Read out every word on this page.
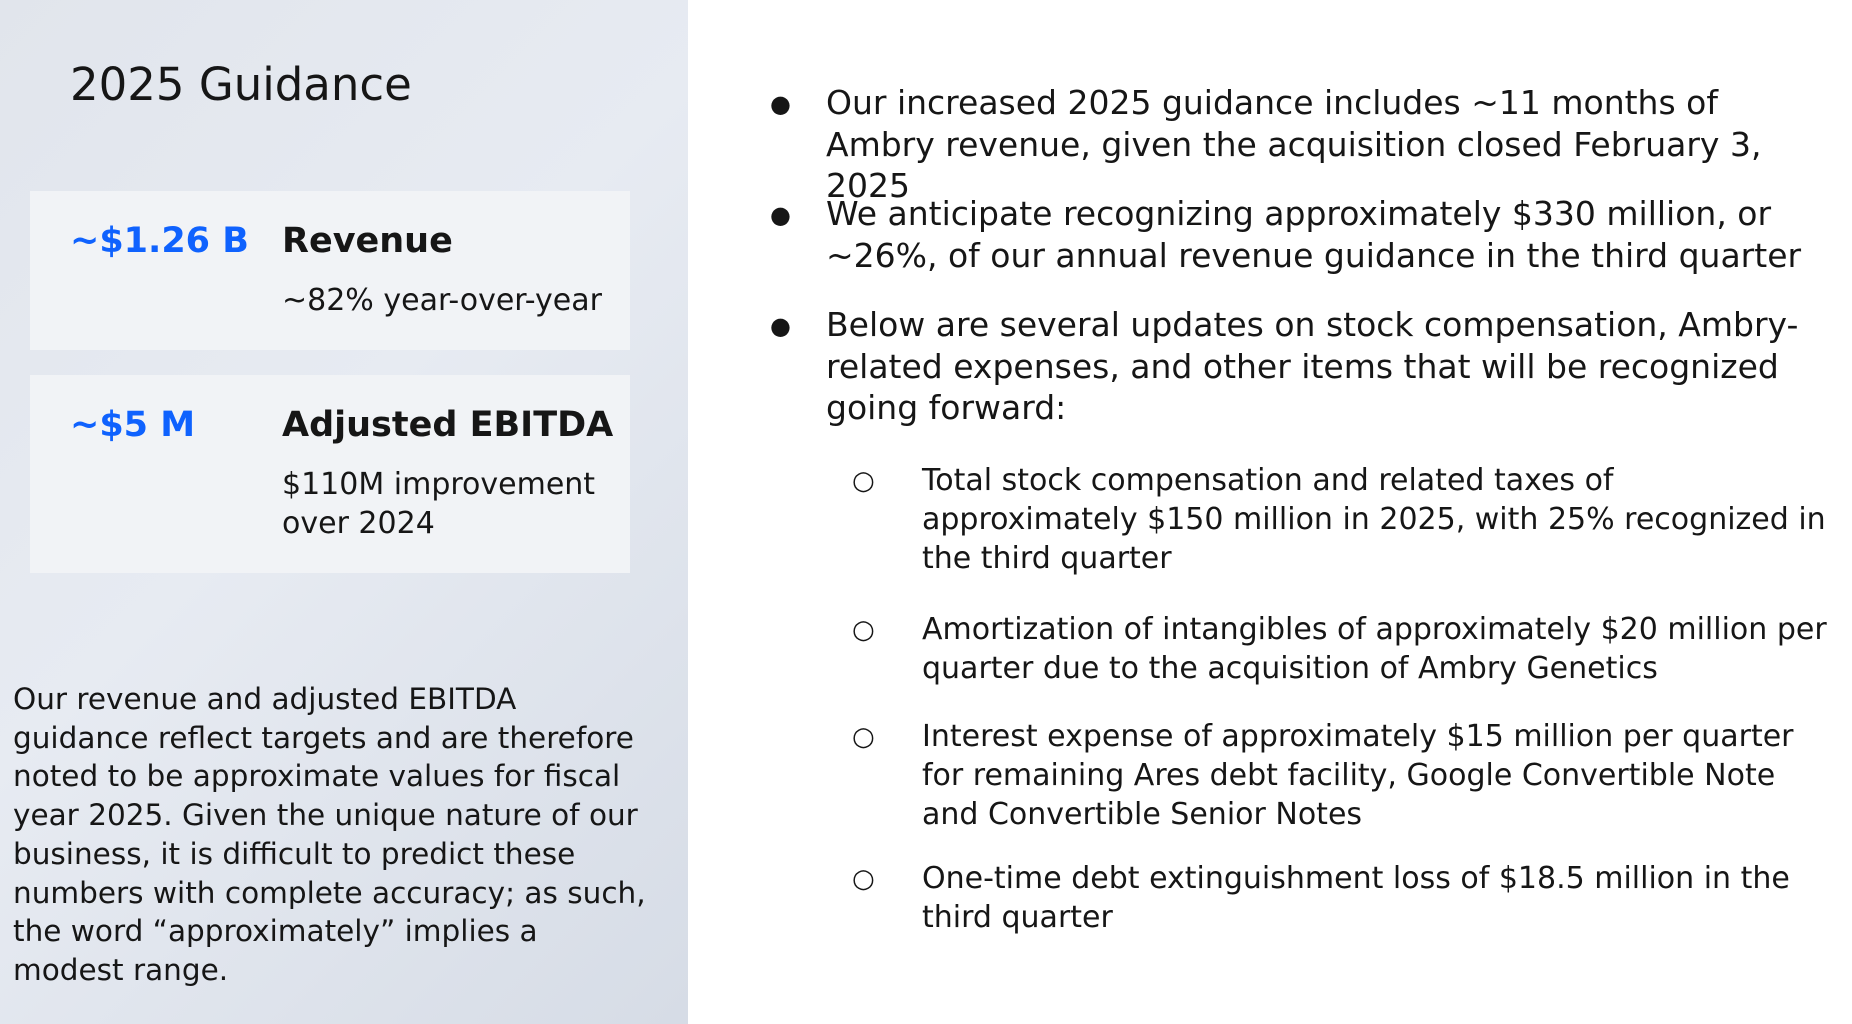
2025 Guidance
~$1.26 B Revenue
~82% year-over-year
~$5 M Adjusted EBITDA
$110M improvement over 2024

Our revenue and adjusted EBITDA guidance reflect targets and are therefore noted to be approximate values for fiscal year 2025. Given the unique nature of our business, it is difficult to predict these numbers with complete accuracy; as such, the word “approximately” implies a modest range.

● Our increased 2025 guidance includes ~11 months of Ambry revenue, given the acquisition closed February 3, 2025

● We anticipate recognizing approximately $330 million, or ~26%, of our annual revenue guidance in the third quarter

● Below are several updates on stock compensation, Ambry-related expenses, and other items that will be recognized going forward:

○ Total stock compensation and related taxes of approximately $150 million in 2025, with 25% recognized in the third quarter

○ Amortization of intangibles of approximately $20 million per quarter due to the acquisition of Ambry Genetics

○ Interest expense of approximately $15 million per quarter for remaining Ares debt facility, Google Convertible Note and Convertible Senior Notes

○ One-time debt extinguishment loss of $18.5 million in the third quarter
